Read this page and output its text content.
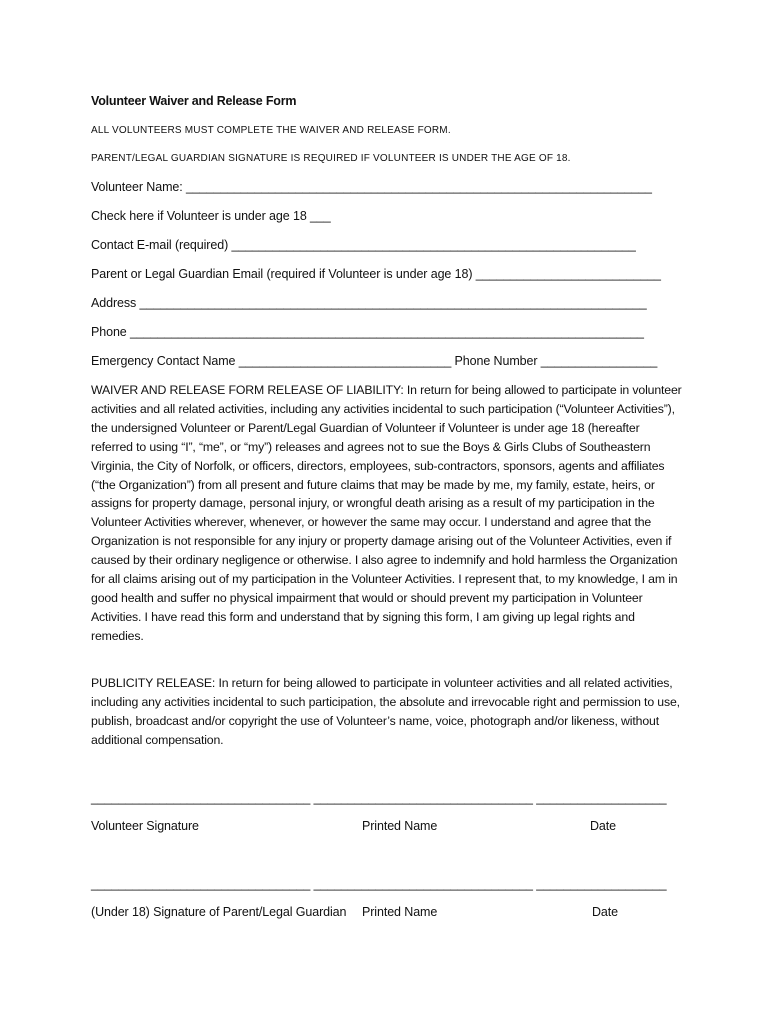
Volunteer Waiver and Release Form
ALL VOLUNTEERS MUST COMPLETE THE WAIVER AND RELEASE FORM.
PARENT/LEGAL GUARDIAN SIGNATURE IS REQUIRED IF VOLUNTEER IS UNDER THE AGE OF 18.
Volunteer Name: ____________________________________________________________________
Check here if Volunteer is under age 18 ___
Contact E-mail (required) ___________________________________________________________
Parent or Legal Guardian Email (required if Volunteer is under age 18) ___________________________
Address __________________________________________________________________________
Phone ___________________________________________________________________________
Emergency Contact Name _______________________________ Phone Number _________________

WAIVER AND RELEASE FORM RELEASE OF LIABILITY: In return for being allowed to participate in volunteer activities and all related activities, including any activities incidental to such participation (“Volunteer Activities”), the undersigned Volunteer or Parent/Legal Guardian of Volunteer if Volunteer is under age 18 (hereafter referred to using “I”, “me”, or “my”) releases and agrees not to sue the Boys & Girls Clubs of Southeastern Virginia, the City of Norfolk, or officers, directors, employees, sub-contractors, sponsors, agents and affiliates (“the Organization”) from all present and future claims that may be made by me, my family, estate, heirs, or assigns for property damage, personal injury, or wrongful death arising as a result of my participation in the Volunteer Activities wherever, whenever, or however the same may occur. I understand and agree that the Organization is not responsible for any injury or property damage arising out of the Volunteer Activities, even if caused by their ordinary negligence or otherwise. I also agree to indemnify and hold harmless the Organization for all claims arising out of my participation in the Volunteer Activities. I represent that, to my knowledge, I am in good health and suffer no physical impairment that would or should prevent my participation in Volunteer Activities. I have read this form and understand that by signing this form, I am giving up legal rights and remedies.

PUBLICITY RELEASE: In return for being allowed to participate in volunteer activities and all related activities, including any activities incidental to such participation, the absolute and irrevocable right and permission to use, publish, broadcast and/or copyright the use of Volunteer’s name, voice, photograph and/or likeness, without additional compensation.

________________________________ ________________________________ ___________________
Volunteer Signature	Printed Name	Date
________________________________ ________________________________ ___________________
(Under 18) Signature of Parent/Legal Guardian Printed Name	Date
